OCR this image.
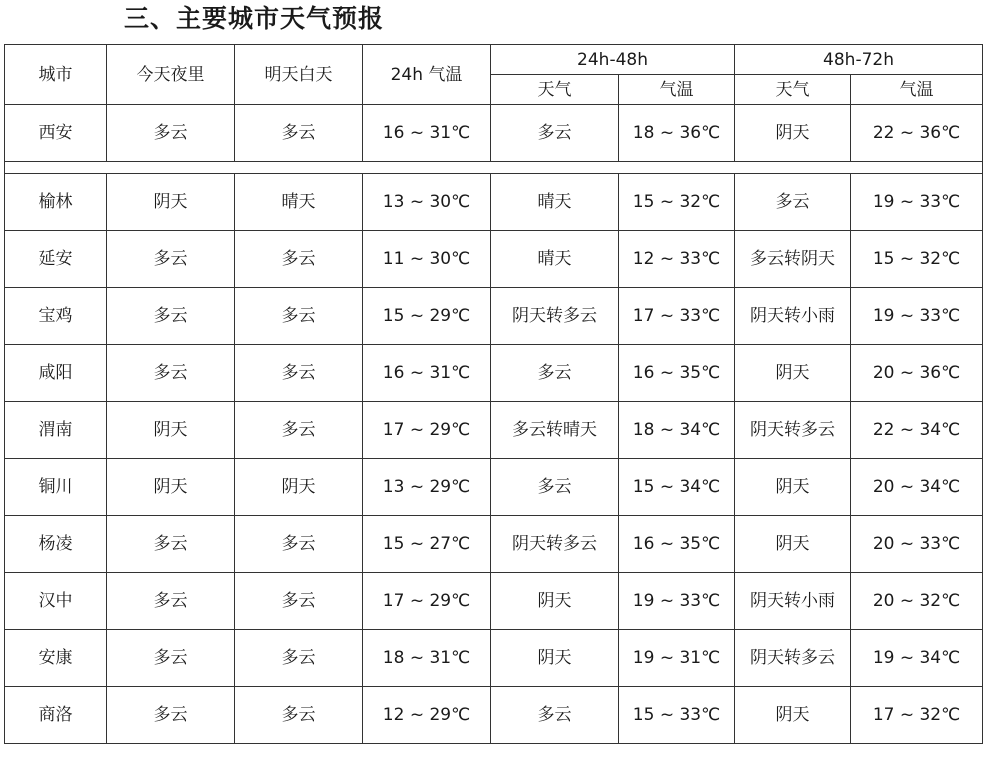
三、主要城市天气预报
城市	今天夜里	明天白天	24h 气温	24h-48h		48h-72h	
				天气	气温	天气	气温
西安	多云	多云	16 ~ 31℃	多云	18 ~ 36℃	阴天	22 ~ 36℃

榆林	阴天	晴天	13 ~ 30℃	晴天	15 ~ 32℃	多云	19 ~ 33℃
延安	多云	多云	11 ~ 30℃	晴天	12 ~ 33℃	多云转阴天	15 ~ 32℃
宝鸡	多云	多云	15 ~ 29℃	阴天转多云	17 ~ 33℃	阴天转小雨	19 ~ 33℃
咸阳	多云	多云	16 ~ 31℃	多云	16 ~ 35℃	阴天	20 ~ 36℃
渭南	阴天	多云	17 ~ 29℃	多云转晴天	18 ~ 34℃	阴天转多云	22 ~ 34℃
铜川	阴天	阴天	13 ~ 29℃	多云	15 ~ 34℃	阴天	20 ~ 34℃
杨凌	多云	多云	15 ~ 27℃	阴天转多云	16 ~ 35℃	阴天	20 ~ 33℃
汉中	多云	多云	17 ~ 29℃	阴天	19 ~ 33℃	阴天转小雨	20 ~ 32℃
安康	多云	多云	18 ~ 31℃	阴天	19 ~ 31℃	阴天转多云	19 ~ 34℃
商洛	多云	多云	12 ~ 29℃	多云	15 ~ 33℃	阴天	17 ~ 32℃
